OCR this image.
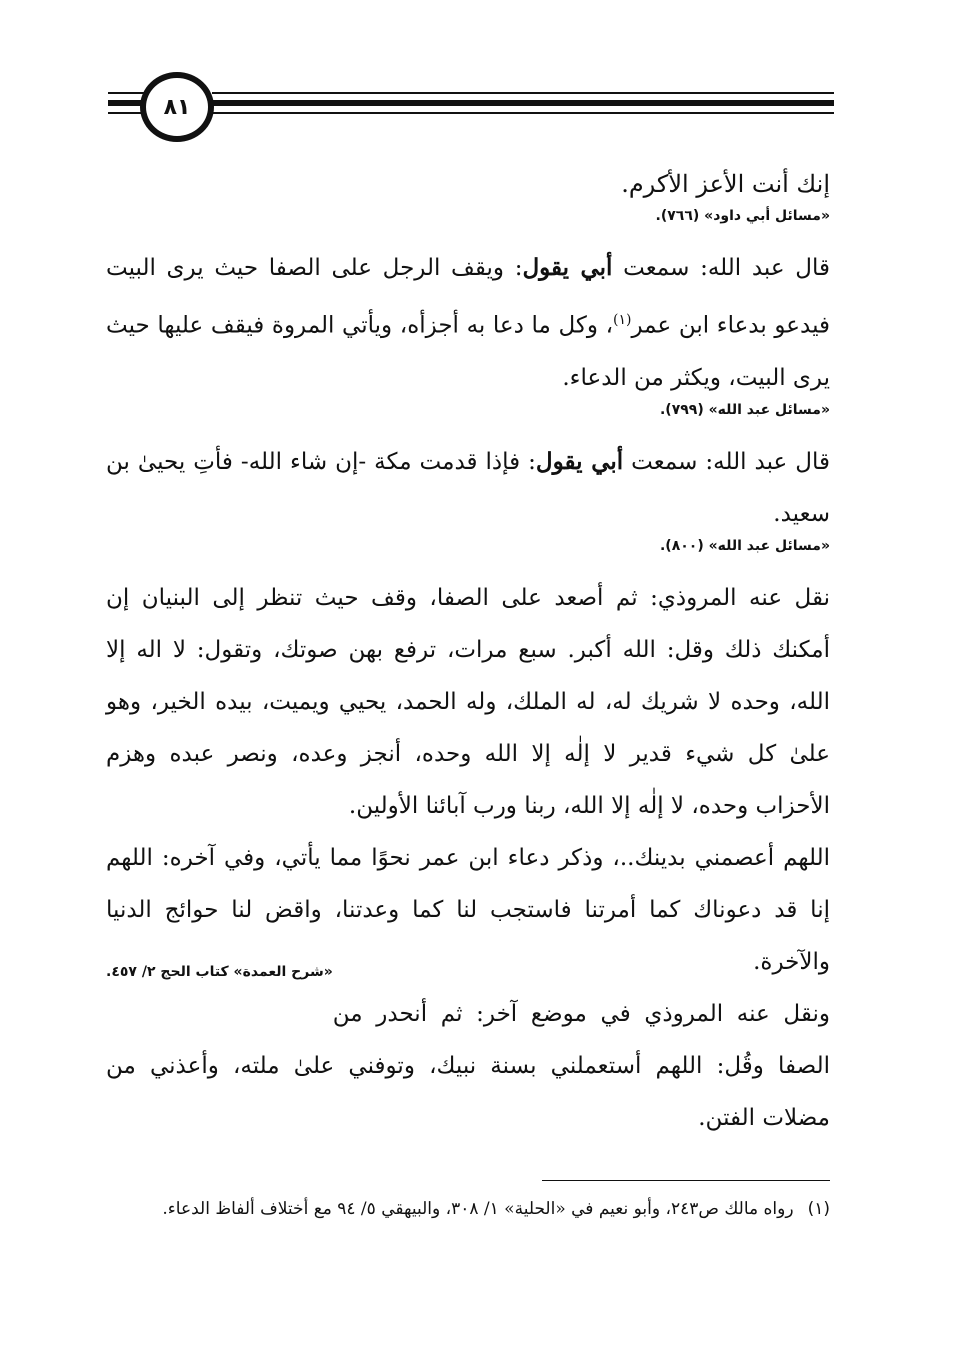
٨١

إنك أنت الأعز الأكرم.

«مسائل أبي داود» (٧٦٦).

قال عبد الله: سمعت أبي يقول: ويقف الرجل على الصفا حيث يرى البيت فيدعو بدعاء ابن عمر$^{(١)}$، وكل ما دعا به أجزأه، ويأتي المروة فيقف عليها حيث يرى البيت، ويكثر من الدعاء.

«مسائل عبد الله» (٧٩٩).

قال عبد الله: سمعت أبي يقول: فإذا قدمت مكة -إن شاء الله- فأتِ يحيىٰ بن سعيد.

«مسائل عبد الله» (٨٠٠).

نقل عنه المروذي: ثم أصعد على الصفا، وقف حيث تنظر إلى البنيان إن أمكنك ذلك وقل: الله أكبر. سبع مرات، ترفع بهن صوتك، وتقول: لا اله إلا الله، وحده لا شريك له، له الملك، وله الحمد، يحيي ويميت، بيده الخير، وهو علىٰ كل شيء قدير لا إلٰه إلا الله وحده، أنجز وعده، ونصر عبده وهزم الأحزاب وحده، لا إلٰه إلا الله، ربنا ورب آبائنا الأولين.

اللهم أعصمني بدينك..، وذكر دعاء ابن عمر نحوًا مما يأتي، وفي آخره: اللهم إنا قد دعوناك كما أمرتنا فاستجب لنا كما وعدتنا، واقض لنا حوائج الدنيا والآخرة.
«شرح العمدة» كتاب الحج ٢/ ٤٥٧.

ونقل عنه المروذي في موضع آخر: ثم أنحدر من الصفا وقُل: اللهم أستعملني بسنة نبيك، وتوفني علىٰ ملته، وأعذني من مضلات الفتن.

(١)رواه مالك ص٢٤٣، وأبو نعيم في «الحلية» ١/ ٣٠٨، والبيهقي ٥/ ٩٤ مع أختلاف ألفاظ الدعاء.
